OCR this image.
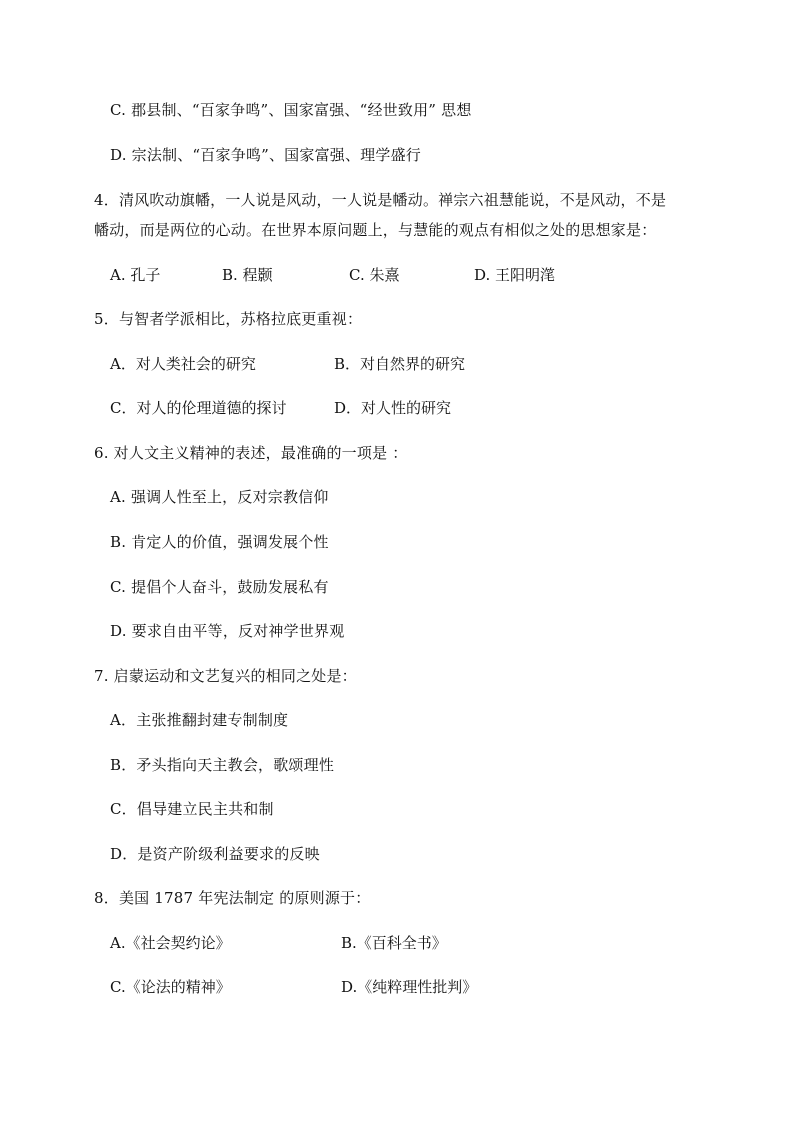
C. 郡县制、“百家争鸣”、国家富强、“经世致用” 思想
D. 宗法制、“百家争鸣”、国家富强、理学盛行
4．清风吹动旗幡，一人说是风动，一人说是幡动。禅宗六祖慧能说，不是风动，不是
幡动，而是两位的心动。在世界本原问题上，与慧能的观点有相似之处的思想家是：
A. 孔子	B. 程颢	C. 朱熹	D. 王阳明滗
5．与智者学派相比，苏格拉底更重视：
A．对人类社会的研究	B．对自然界的研究
C．对人的伦理道德的探讨	D．对人性的研究
6. 对人文主义精神的表述，最准确的一项是 ：
A. 强调人性至上，反对宗教信仰
B. 肯定人的价值，强调发展个性
C. 提倡个人奋斗，鼓励发展私有
D. 要求自由平等，反对神学世界观
7. 启蒙运动和文艺复兴的相同之处是：
A．主张推翻封建专制制度
B．矛头指向天主教会，歌颂理性
C．倡导建立民主共和制
D．是资产阶级利益要求的反映
8．美国 1787 年宪法制定 的原则源于：
A.《社会契约论》	B.《百科全书》
C.《论法的精神》	D.《纯粹理性批判》
